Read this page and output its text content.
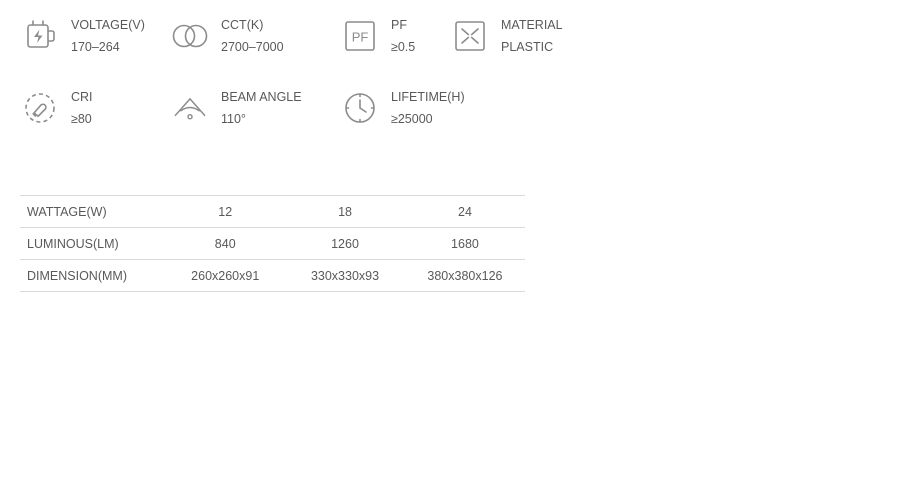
VOLTAGE(V)
170–264
CCT(K)
2700–7000
PF
PF
≥0.5
MATERIAL
PLASTIC
CRI
≥80
BEAM ANGLE
110°
LIFETIME(H)
≥25000
WATTAGE(W)	12	18	24
LUMINOUS(LM)	840	1260	1680
DIMENSION(MM)	260x260x91	330x330x93	380x380x126
